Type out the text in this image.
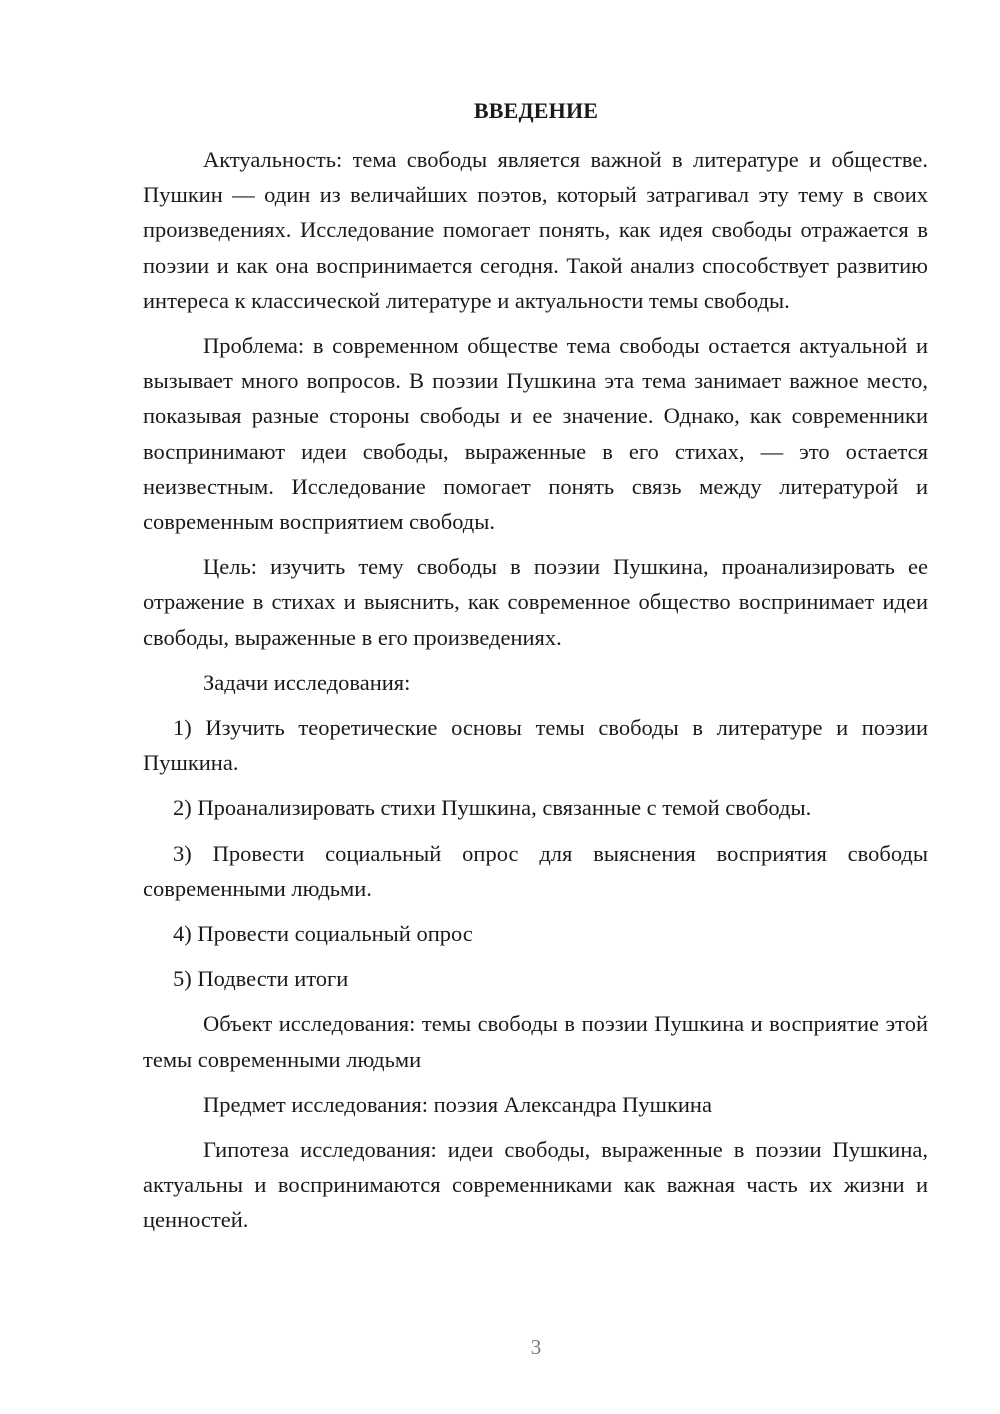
ВВЕДЕНИЕ

Актуальность: тема свободы является важной в литературе и обществе. Пушкин — один из величайших поэтов, который затрагивал эту тему в своих произведениях. Исследование помогает понять, как идея свободы отражается в поэзии и как она воспринимается сегодня. Такой анализ способствует развитию интереса к классической литературе и актуальности темы свободы.

Проблема: в современном обществе тема свободы остается актуальной и вызывает много вопросов. В поэзии Пушкина эта тема занимает важное место, показывая разные стороны свободы и ее значение. Однако, как современники воспринимают идеи свободы, выраженные в его стихах, — это остается неизвестным. Исследование помогает понять связь между литературой и современным восприятием свободы.

Цель: изучить тему свободы в поэзии Пушкина, проанализировать ее отражение в стихах и выяснить, как современное общество воспринимает идеи свободы, выраженные в его произведениях.

Задачи исследования:

1) Изучить теоретические основы темы свободы в литературе и поэзии Пушкина.

2) Проанализировать стихи Пушкина, связанные с темой свободы.

3) Провести социальный опрос для выяснения восприятия свободы современными людьми.

4) Провести социальный опрос

5) Подвести итоги

Объект исследования: темы свободы в поэзии Пушкина и восприятие этой темы современными людьми

Предмет исследования: поэзия Александра Пушкина

Гипотеза исследования: идеи свободы, выраженные в поэзии Пушкина, актуальны и воспринимаются современниками как важная часть их жизни и ценностей.

3
